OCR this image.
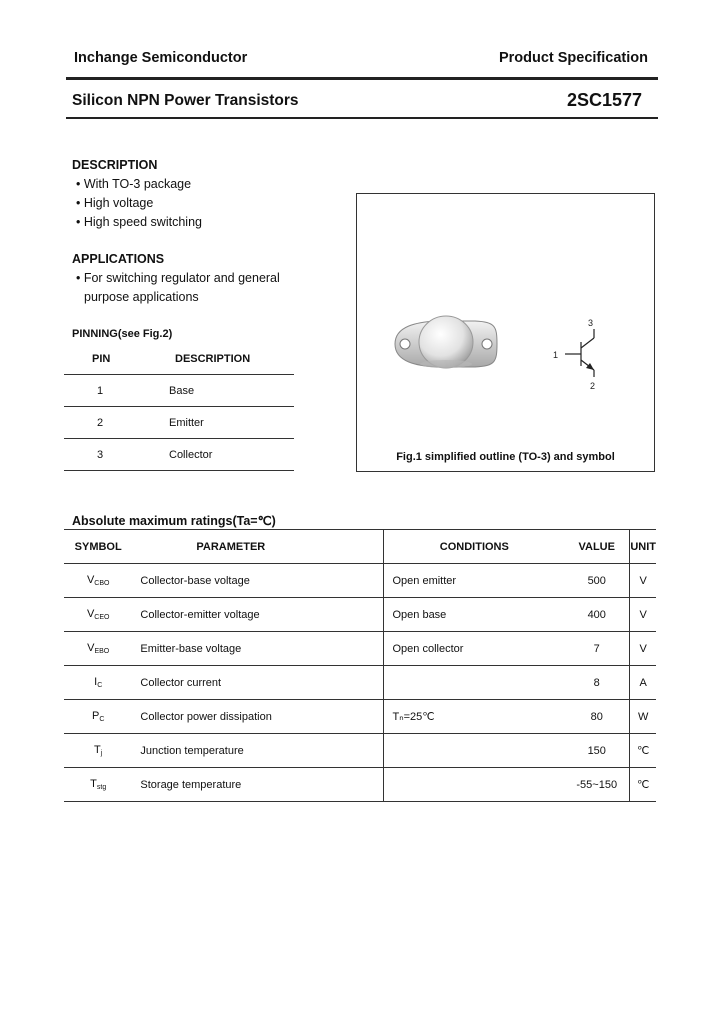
Inchange Semiconductor	Product Specification
Silicon NPN Power Transistors	2SC1577
DESCRIPTION
• With TO-3 package
• High voltage
• High speed switching
APPLICATIONS
• For switching regulator and general
purpose applications
PINNING(see Fig.2)
PIN	DESCRIPTION
1	Base
2	Emitter
3	Collector
1
2
3
Fig.1 simplified outline (TO-3) and symbol
Absolute maximum ratings(Ta=℃)
SYMBOL	PARAMETER	CONDITIONS	VALUE	UNIT
$V_{CBO}$	Collector-base voltage	Open emitter	500	V
$V_{CEO}$	Collector-emitter voltage	Open base	400	V
$V_{EBO}$	Emitter-base voltage	Open collector	7	V
$I_C$	Collector current		8	A
$P_C$	Collector power dissipation	Tₙ=25℃	80	W
$T_j$	Junction temperature		150	℃
$T_{stg}$	Storage temperature		-55~150	℃
